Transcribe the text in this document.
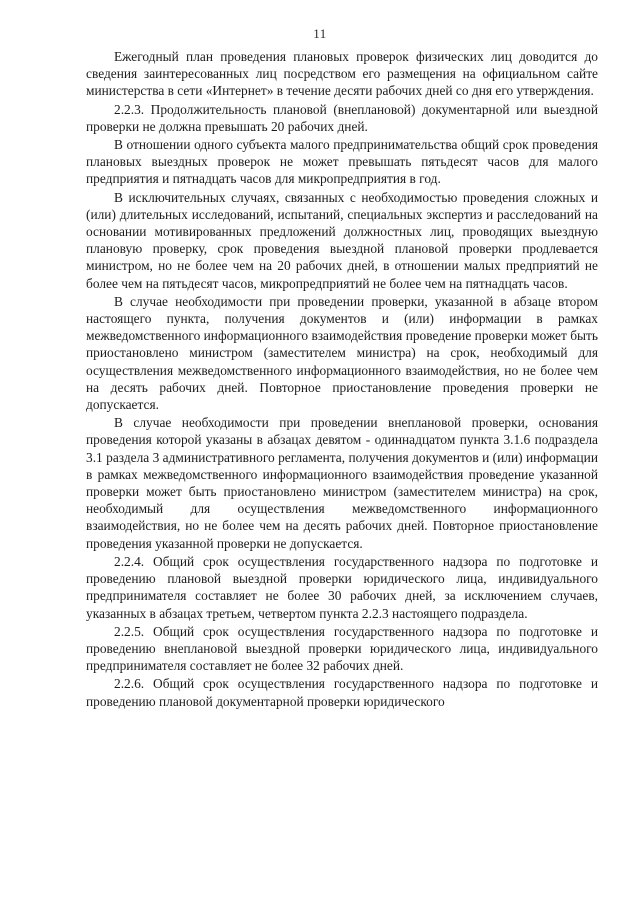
11

Ежегодный план проведения плановых проверок физических лиц доводится до сведения заинтересованных лиц посредством его размещения на официальном сайте министерства в сети «Интернет» в течение десяти рабочих дней со дня его утверждения.

2.2.3. Продолжительность плановой (внеплановой) документарной или выездной проверки не должна превышать 20 рабочих дней.

В отношении одного субъекта малого предпринимательства общий срок проведения плановых выездных проверок не может превышать пятьдесят часов для малого предприятия и пятнадцать часов для микропредприятия в год.

В исключительных случаях, связанных с необходимостью проведения сложных и (или) длительных исследований, испытаний, специальных экспертиз и расследований на основании мотивированных предложений должностных лиц, проводящих выездную плановую проверку, срок проведения выездной плановой проверки продлевается министром, но не более чем на 20 рабочих дней, в отношении малых предприятий не более чем на пятьдесят часов, микропредприятий не более чем на пятнадцать часов.

В случае необходимости при проведении проверки, указанной в абзаце втором настоящего пункта, получения документов и (или) информации в рамках межведомственного информационного взаимодействия проведение проверки может быть приостановлено министром (заместителем министра) на срок, необходимый для осуществления межведомственного информационного взаимодействия, но не более чем на десять рабочих дней. Повторное приостановление проведения проверки не допускается.

В случае необходимости при проведении внеплановой проверки, основания проведения которой указаны в абзацах девятом - одиннадцатом пункта 3.1.6 подраздела 3.1 раздела 3 административного регламента, получения документов и (или) информации в рамках межведомственного информационного взаимодействия проведение указанной проверки может быть приостановлено министром (заместителем министра) на срок, необходимый для осуществления межведомственного информационного взаимодействия, но не более чем на десять рабочих дней. Повторное приостановление проведения указанной проверки не допускается.

2.2.4. Общий срок осуществления государственного надзора по подготовке и проведению плановой выездной проверки юридического лица, индивидуального предпринимателя составляет не более 30 рабочих дней, за исключением случаев, указанных в абзацах третьем, четвертом пункта 2.2.3 настоящего подраздела.

2.2.5. Общий срок осуществления государственного надзора по подготовке и проведению внеплановой выездной проверки юридического лица, индивидуального предпринимателя составляет не более 32 рабочих дней.

2.2.6. Общий срок осуществления государственного надзора по подготовке и проведению плановой документарной проверки юридического
